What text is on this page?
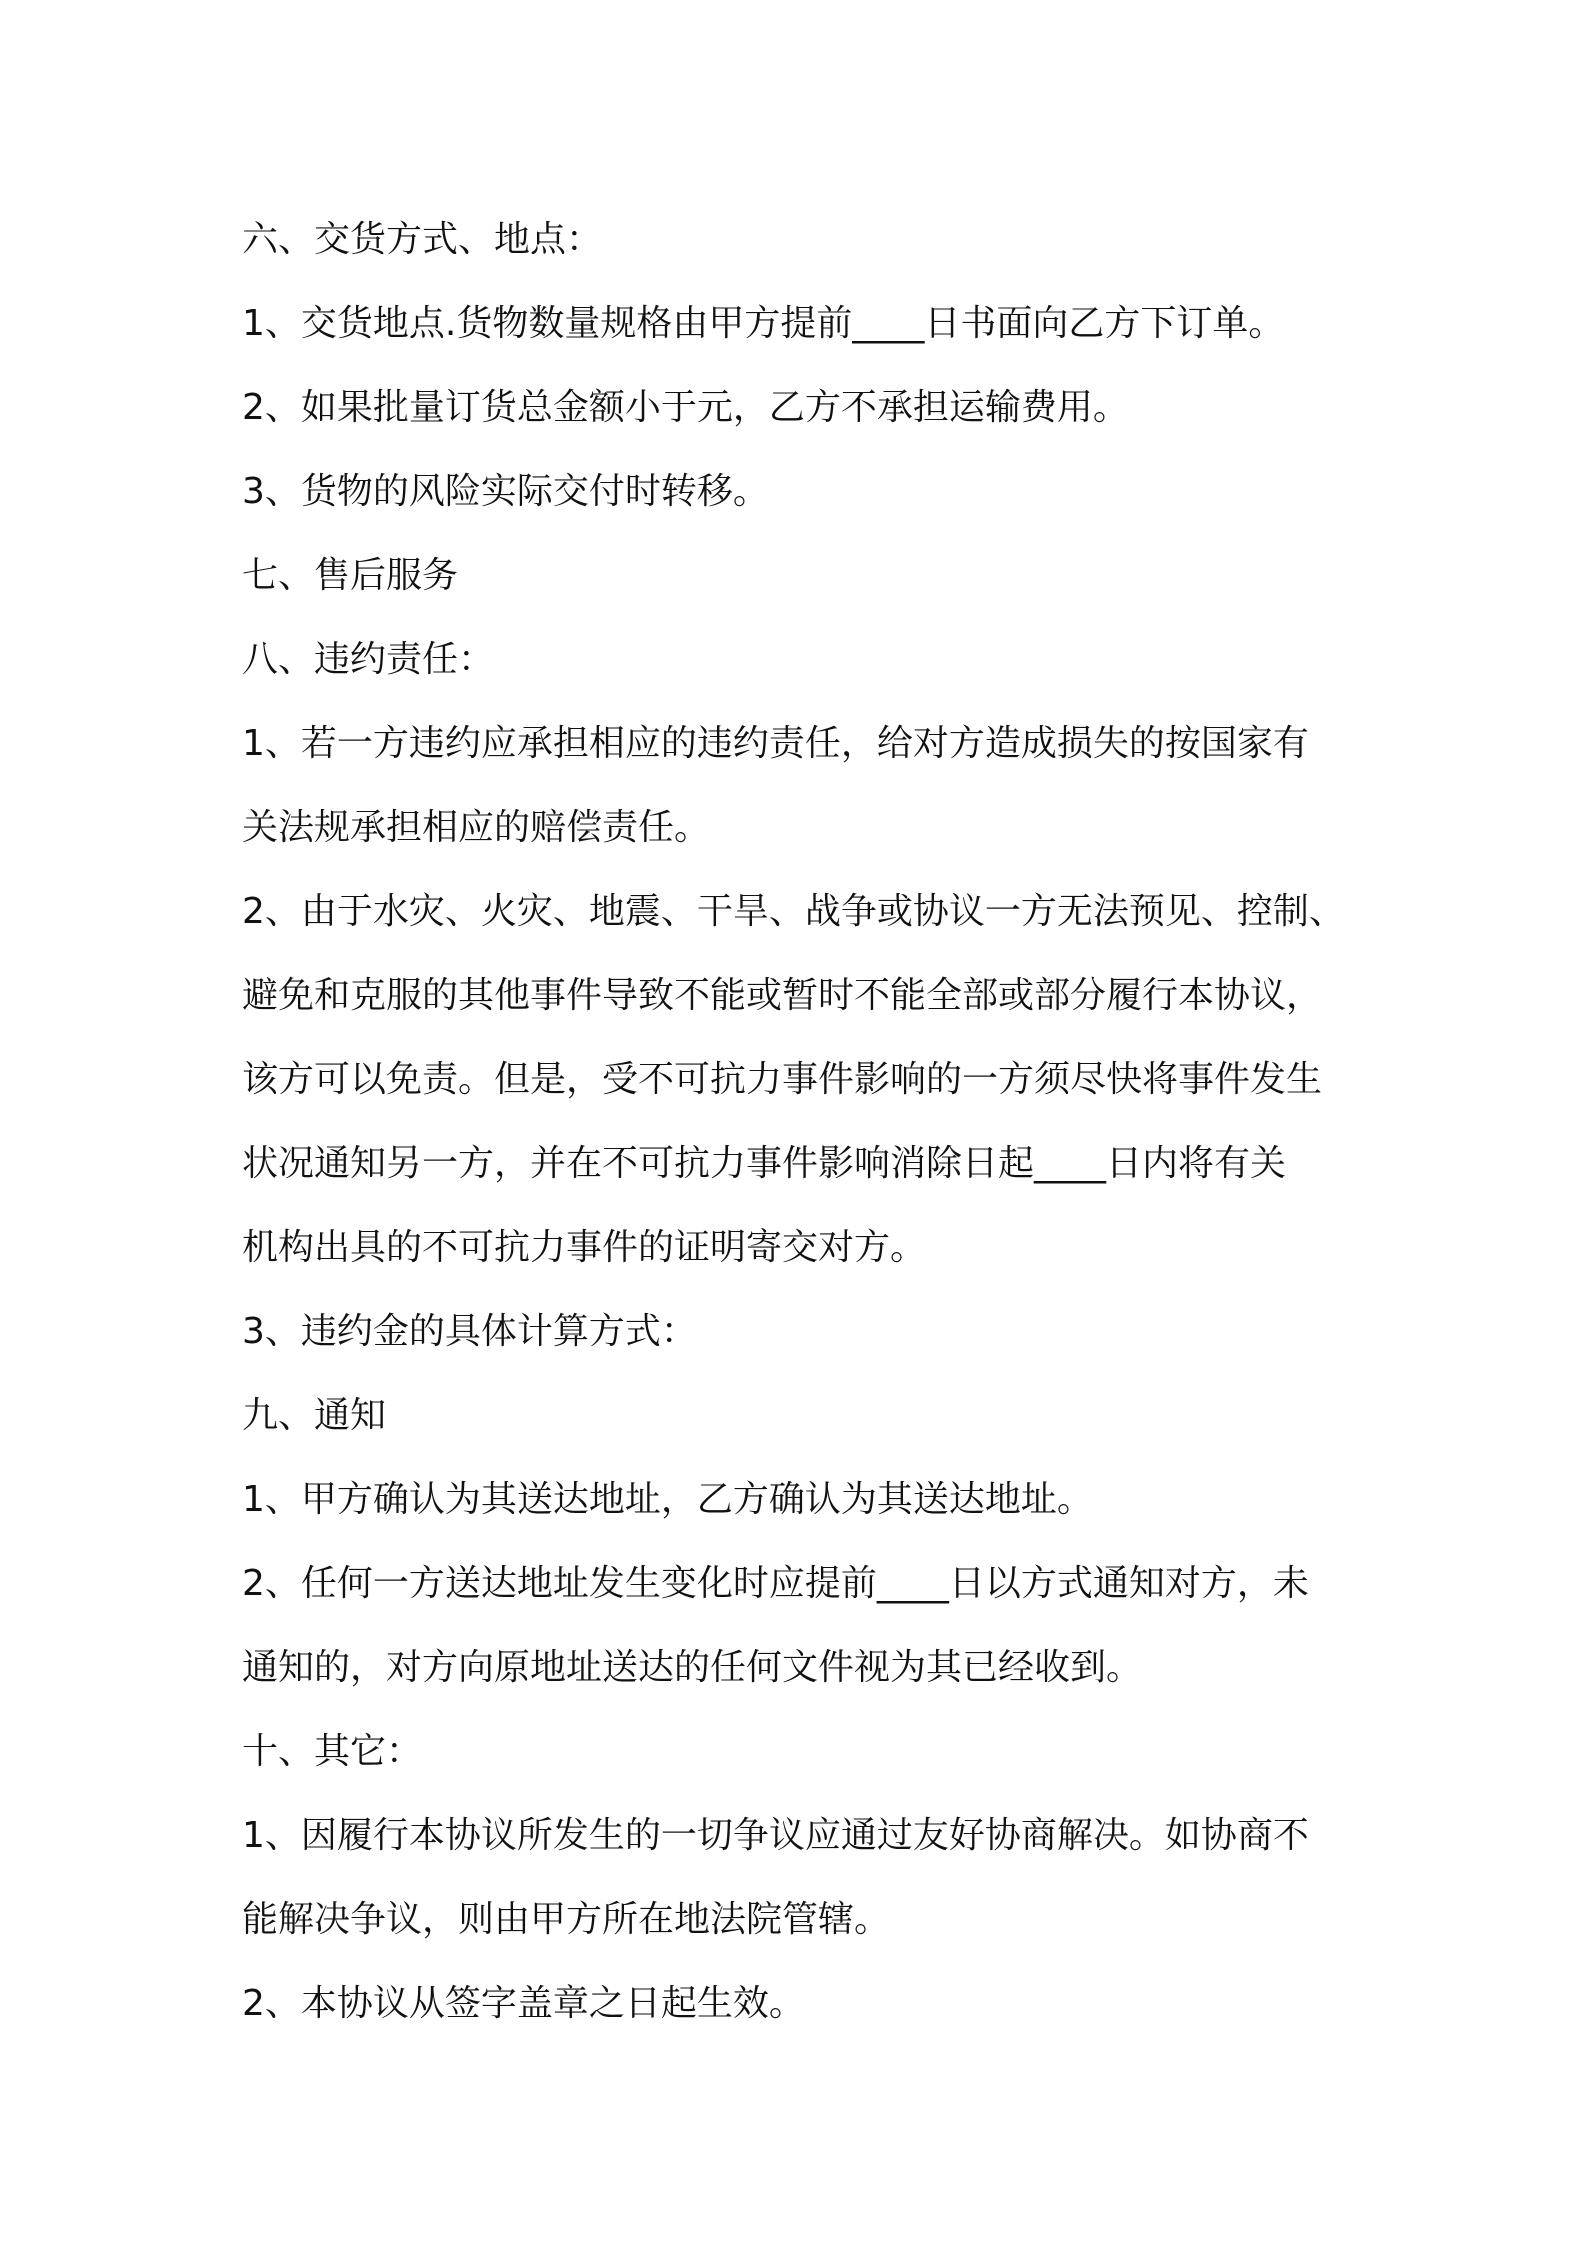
六、交货方式、地点：

1、交货地点.货物数量规格由甲方提前____日书面向乙方下订单。

2、如果批量订货总金额小于元，乙方不承担运输费用。

3、货物的风险实际交付时转移。

七、售后服务

八、违约责任：

1、若一方违约应承担相应的违约责任，给对方造成损失的按国家有

关法规承担相应的赔偿责任。

2、由于水灾、火灾、地震、干旱、战争或协议一方无法预见、控制、

避免和克服的其他事件导致不能或暂时不能全部或部分履行本协议，

该方可以免责。但是，受不可抗力事件影响的一方须尽快将事件发生

状况通知另一方，并在不可抗力事件影响消除日起____日内将有关

机构出具的不可抗力事件的证明寄交对方。

3、违约金的具体计算方式：

九、通知

1、甲方确认为其送达地址，乙方确认为其送达地址。

2、任何一方送达地址发生变化时应提前____日以方式通知对方，未

通知的，对方向原地址送达的任何文件视为其已经收到。

十、其它：

1、因履行本协议所发生的一切争议应通过友好协商解决。如协商不

能解决争议，则由甲方所在地法院管辖。

2、本协议从签字盖章之日起生效。
